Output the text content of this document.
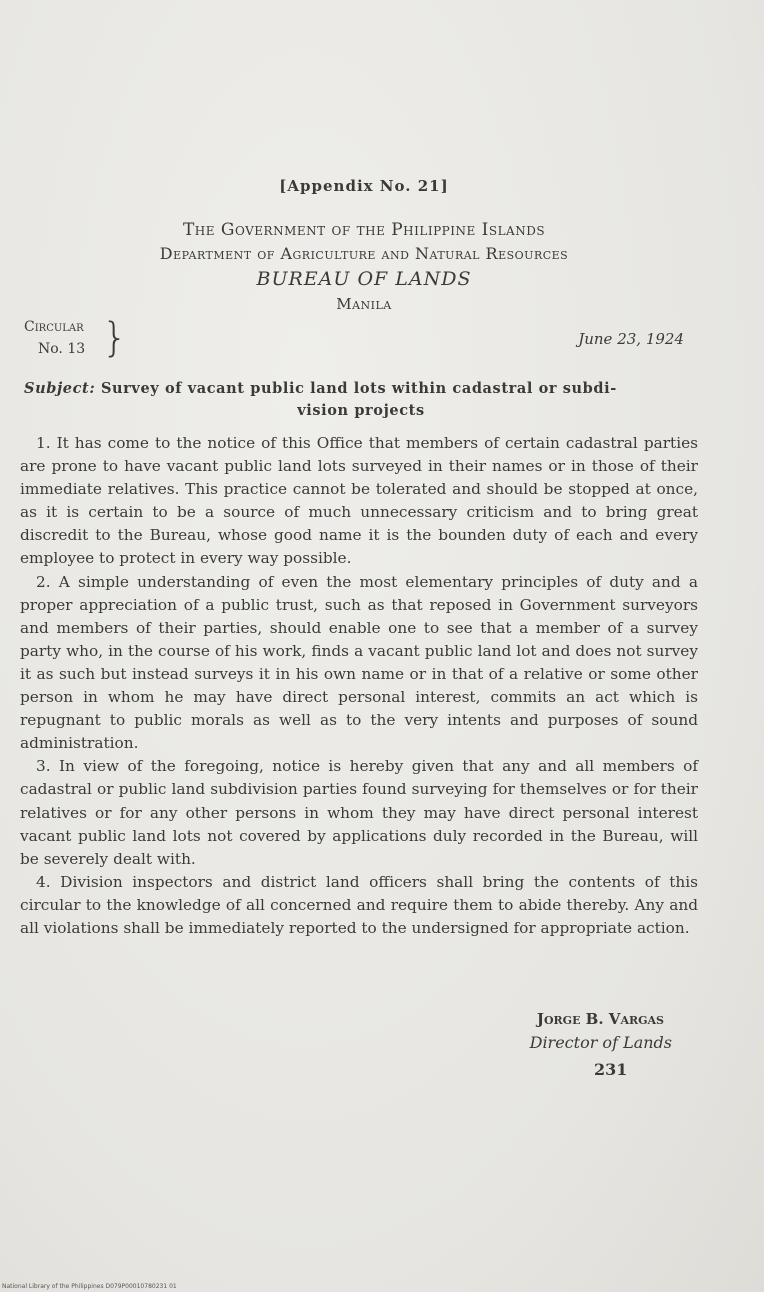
[Appendix No. 21]
The Government of the Philippine Islands
Department of Agriculture and Natural Resources
BUREAU OF LANDS
Manila
Circular
No. 13 }	June 23, 1924
Subject: Survey of vacant public land lots within cadastral or subdi-
vision projects

1. It has come to the notice of this Office that members of certain cadastral parties are prone to have vacant public land lots surveyed in their names or in those of their immediate relatives. This practice cannot be tolerated and should be stopped at once, as it is certain to be a source of much unnecessary criticism and to bring great discredit to the Bureau, whose good name it is the bounden duty of each and every employee to protect in every way possible.

2. A simple understanding of even the most elementary principles of duty and a proper appreciation of a public trust, such as that reposed in Government surveyors and members of their parties, should enable one to see that a member of a survey party who, in the course of his work, finds a vacant public land lot and does not survey it as such but instead surveys it in his own name or in that of a relative or some other person in whom he may have direct personal interest, commits an act which is repugnant to public morals as well as to the very intents and purposes of sound administration.

3. In view of the foregoing, notice is hereby given that any and all members of cadastral or public land subdivision parties found surveying for themselves or for their relatives or for any other persons in whom they may have direct personal interest vacant public land lots not covered by applications duly recorded in the Bureau, will be severely dealt with.

4. Division inspectors and district land officers shall bring the contents of this circular to the knowledge of all concerned and require them to abide thereby. Any and all violations shall be immediately reported to the undersigned for appropriate action.

Jorge B. Vargas
Director of Lands
231
National Library of the Philippines D079P00010780231 01
